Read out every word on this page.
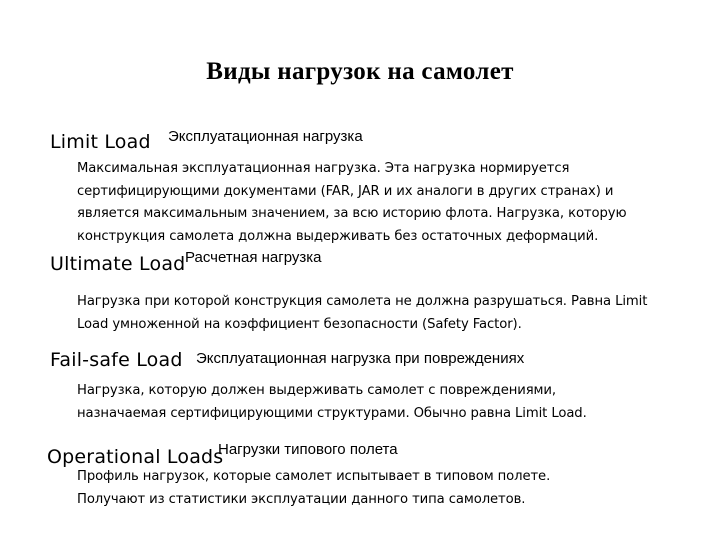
Виды нагрузок на самолет
Limit Load Эксплуатационная нагрузка
Максимальная эксплуатационная нагрузка. Эта нагрузка нормируется
сертифицирующими документами (FAR, JAR и их аналоги в других странах) и
является максимальным значением, за всю историю флота. Нагрузка, которую
конструкция самолета должна выдерживать без остаточных деформаций.
Ultimate Load Расчетная нагрузка
Нагрузка при которой конструкция самолета не должна разрушаться. Равна Limit
Load умноженной на коэффициент безопасности (Safety Factor).
Fail-safe Load Эксплуатационная нагрузка при повреждениях
Нагрузка, которую должен выдерживать самолет с повреждениями,
назначаемая сертифицирующими структурами. Обычно равна Limit Load.
Operational Loads
Нагрузки типового полета
Профиль нагрузок, которые самолет испытывает в типовом полете.
Получают из статистики эксплуатации данного типа самолетов.
